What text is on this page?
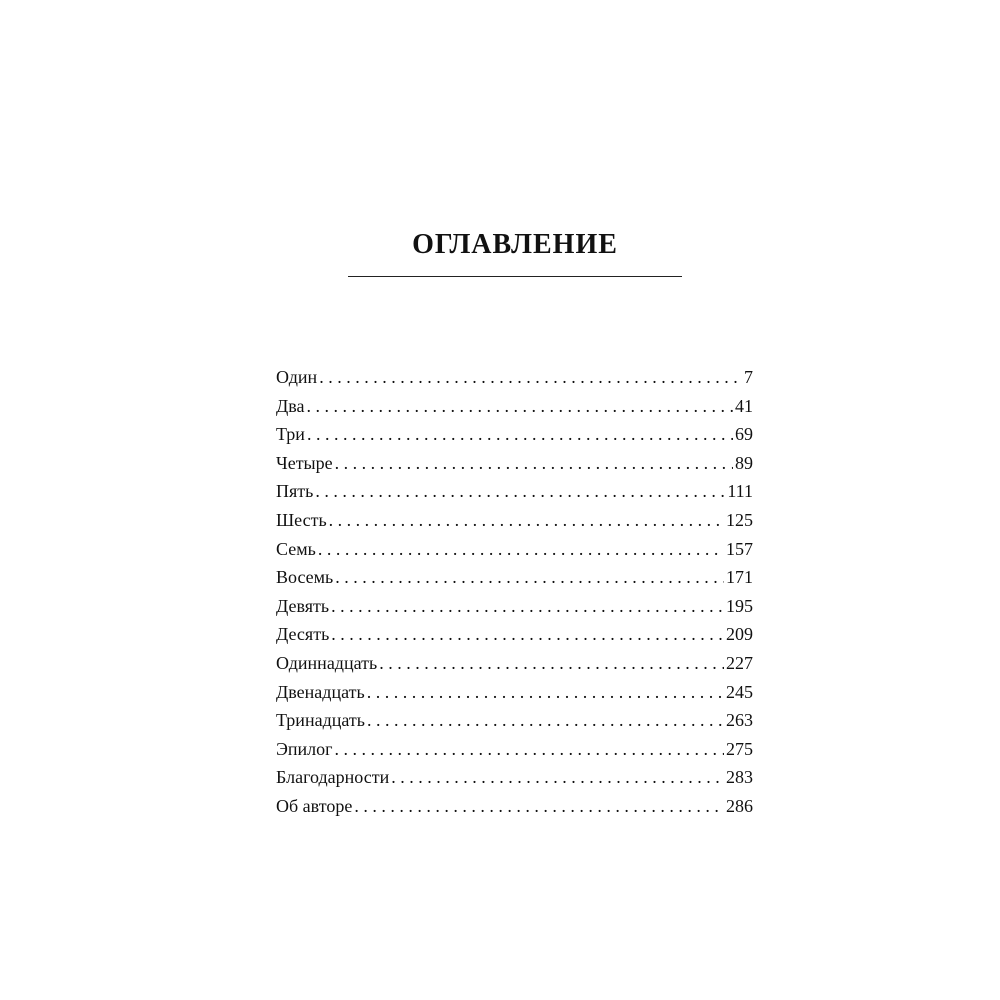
ОГЛАВЛЕНИЕ
Один . . .	7
Два . . .	41
Три . . .	69
Четыре . . .	89
Пять . . .	111
Шесть . . .	125
Семь . . .	157
Восемь . . .	171
Девять . . .	195
Десять . . .	209
Одиннадцать . . .	227
Двенадцать . . .	245
Тринадцать . . .	263
Эпилог . . .	275
Благодарности . . .	283
Об авторе . . .	286
